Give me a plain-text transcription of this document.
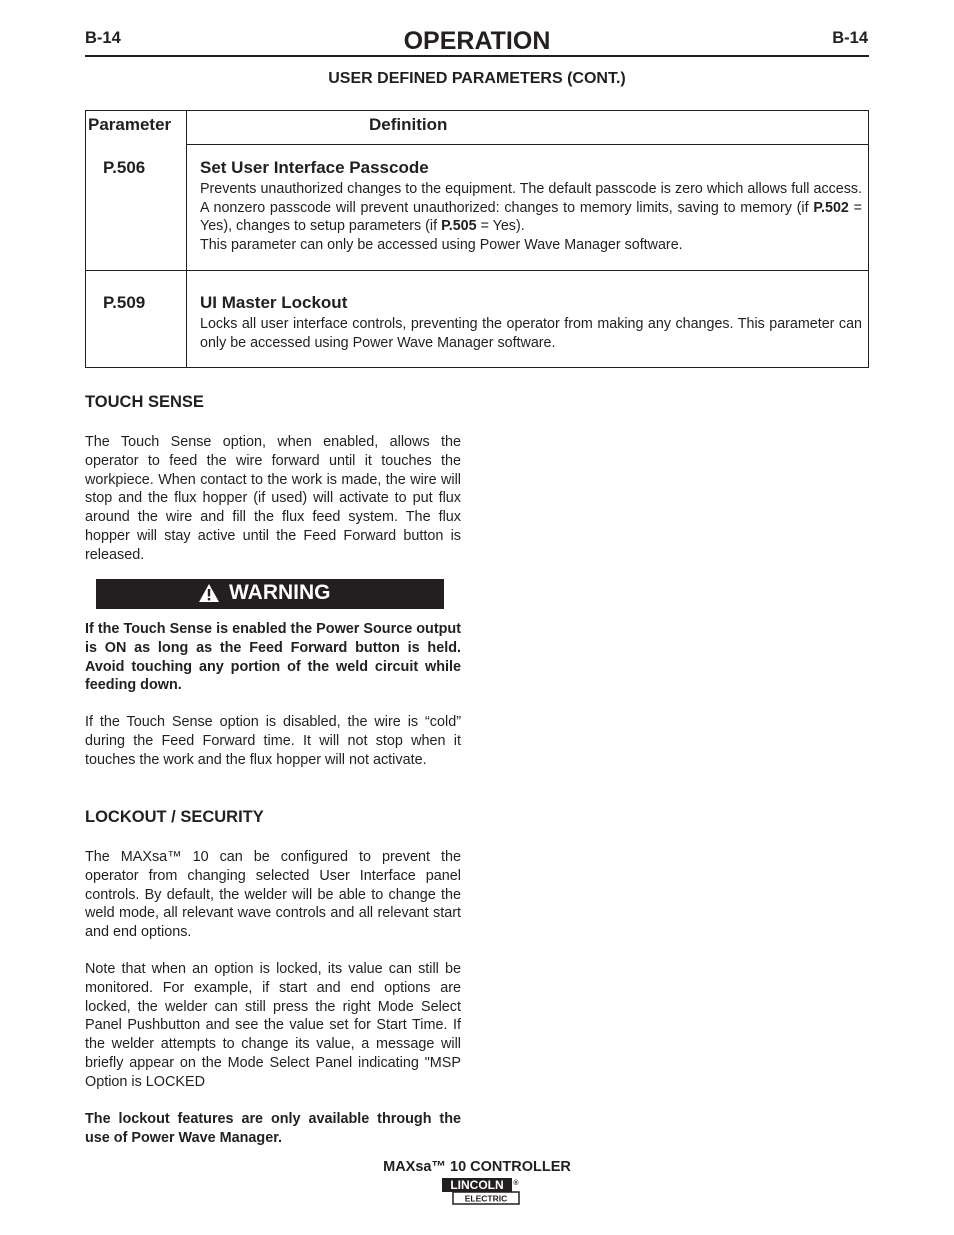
B-14	OPERATION	B-14
USER DEFINED PARAMETERS (CONT.)
Parameter	Definition
P.506	Set User Interface Passcode

Prevents unauthorized changes to the equipment. The default passcode is zero which allows full access. A nonzero passcode will prevent unauthorized: changes to memory limits, saving to memory (if P.502 = Yes), changes to setup parameters (if P.505 = Yes).

This parameter can only be accessed using Power Wave Manager software.

P.509	UI Master Lockout

Locks all user interface controls, preventing the operator from making any changes. This parameter can only be accessed using Power Wave Manager software.

TOUCH SENSE

The Touch Sense option, when enabled, allows the operator to feed the wire forward until it touches the workpiece. When contact to the work is made, the wire will stop and the flux hopper (if used) will activate to put flux around the wire and fill the flux feed system. The flux hopper will stay active until the Feed Forward button is released.

WARNING

If the Touch Sense is enabled the Power Source output is ON as long as the Feed Forward button is held. Avoid touching any portion of the weld circuit while feeding down.

If the Touch Sense option is disabled, the wire is “cold” during the Feed Forward time. It will not stop when it touches the work and the flux hopper will not activate.

LOCKOUT / SECURITY

The MAXsa™ 10 can be configured to prevent the operator from changing selected User Interface panel controls. By default, the welder will be able to change the weld mode, all relevant wave controls and all relevant start and end options.

Note that when an option is locked, its value can still be monitored. For example, if start and end options are locked, the welder can still press the right Mode Select Panel Pushbutton and see the value set for Start Time. If the welder attempts to change its value, a message will briefly appear on the Mode Select Panel indicating "MSP Option is LOCKED

The lockout features are only available through the use of Power Wave Manager.

MAXsa™ 10 CONTROLLER
LINCOLN ®
ELECTRIC
